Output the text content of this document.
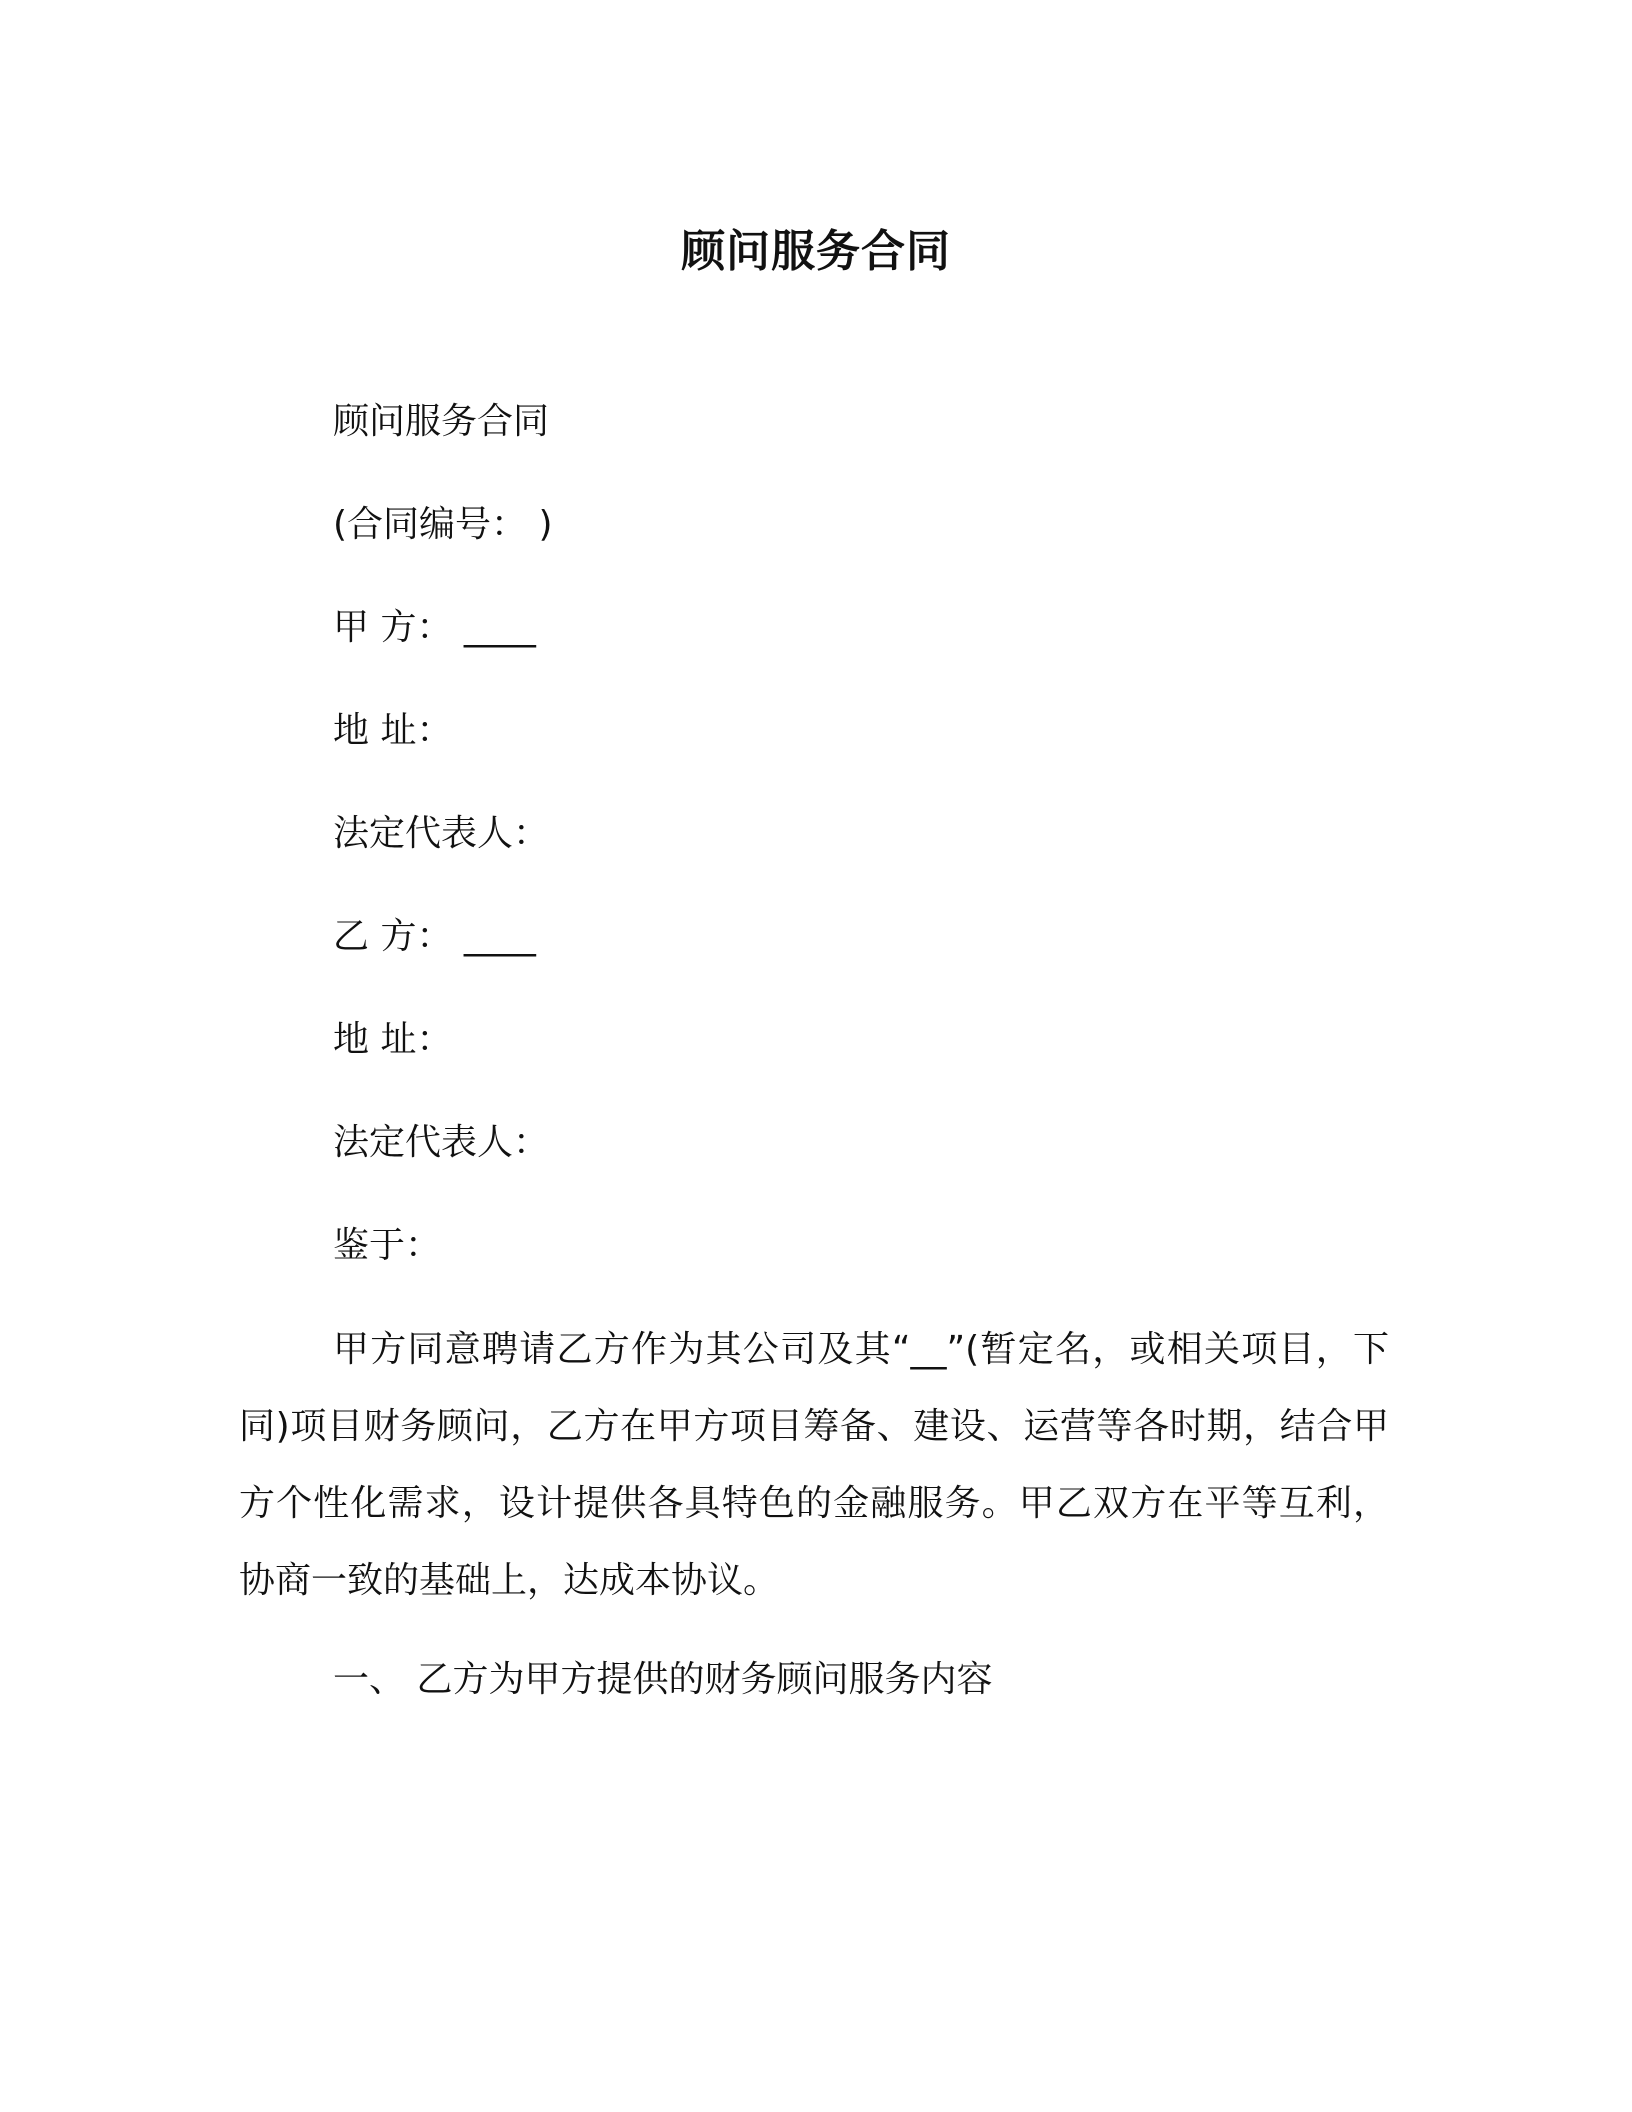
顾问服务合同
顾问服务合同
(合同编号： )
甲 方： ____
地 址：
法定代表人：
乙 方： ____
地 址：
法定代表人：
鉴于：
甲方同意聘请乙方作为其公司及其“__”(暂定名，或相关项目，下同)项目财务顾问，乙方在甲方项目筹备、建设、运营等各时期，结合甲方个性化需求，设计提供各具特色的金融服务。甲乙双方在平等互利，协商一致的基础上，达成本协议。
一、 乙方为甲方提供的财务顾问服务内容
